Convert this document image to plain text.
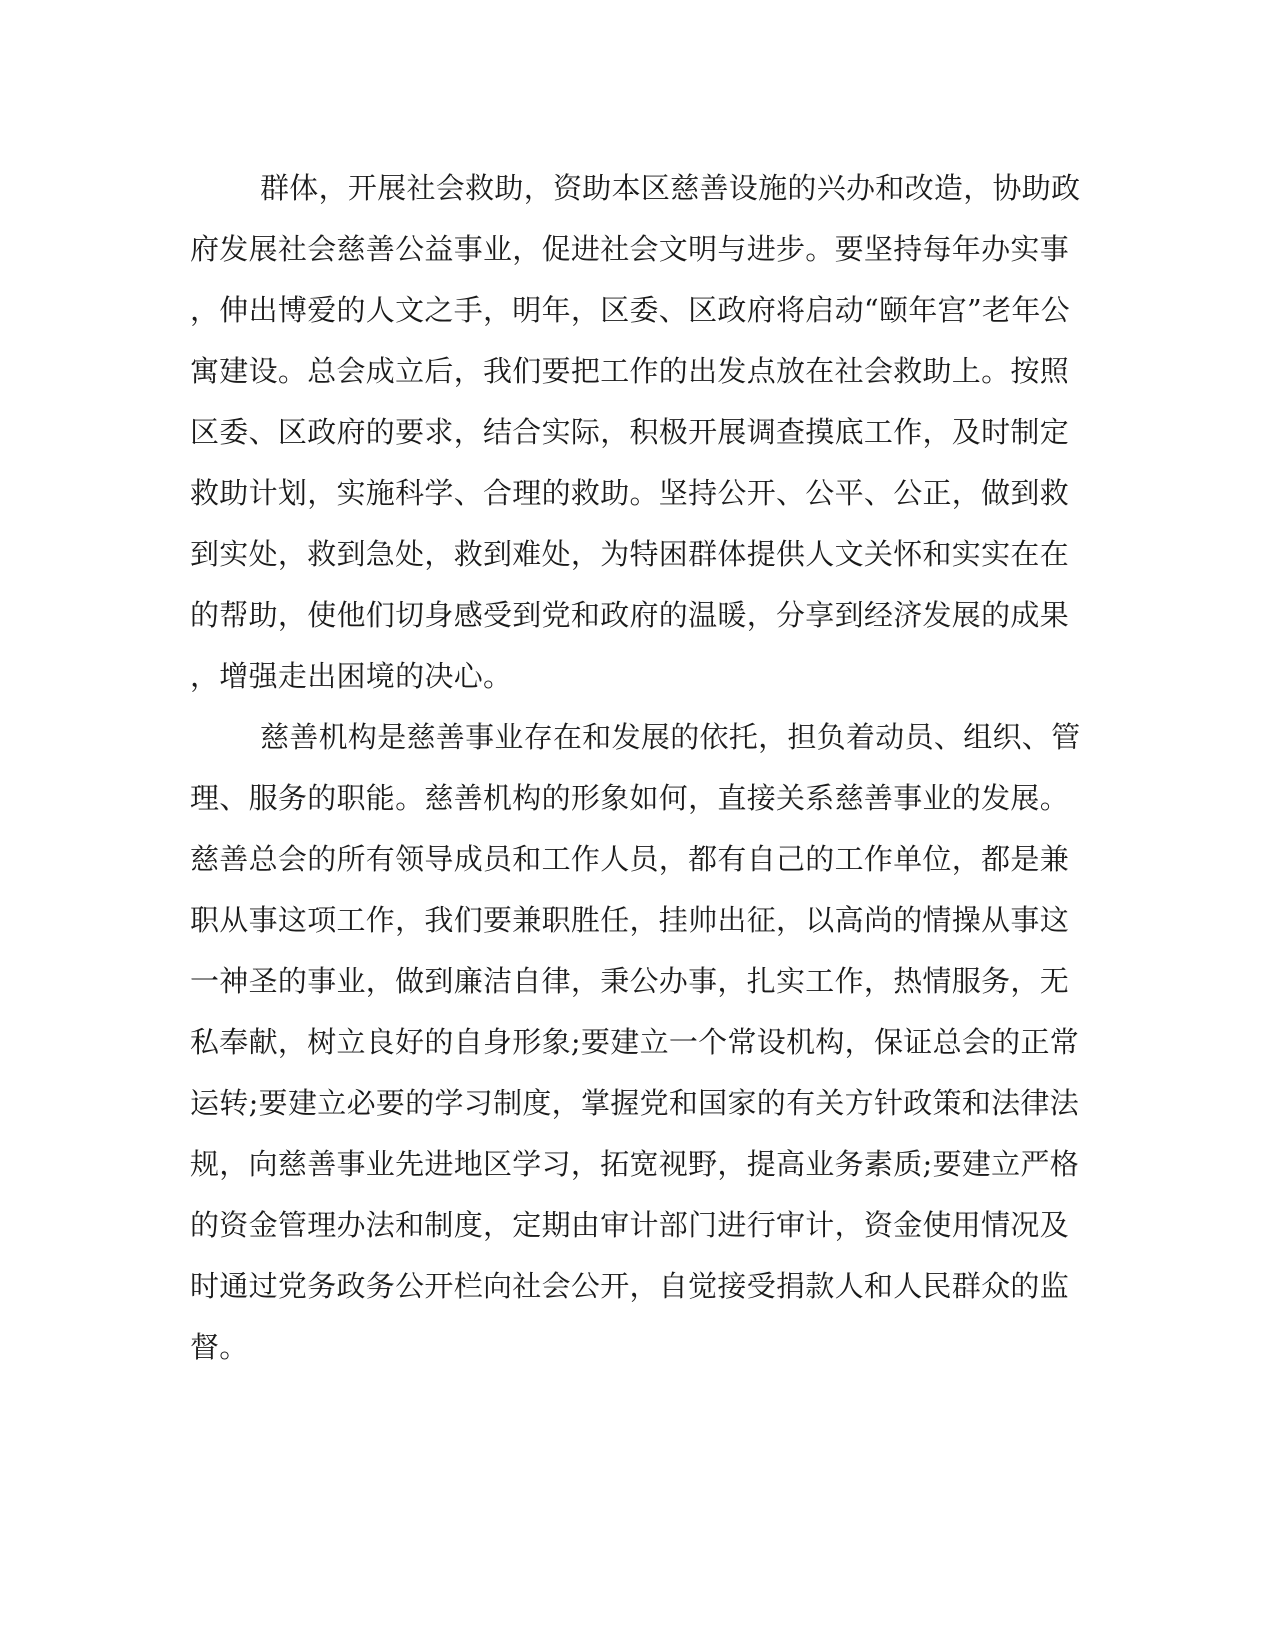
群体，开展社会救助，资助本区慈善设施的兴办和改造，协助政
府发展社会慈善公益事业，促进社会文明与进步。要坚持每年办实事
，伸出博爱的人文之手，明年，区委、区政府将启动“颐年宫”老年公
寓建设。总会成立后，我们要把工作的出发点放在社会救助上。按照
区委、区政府的要求，结合实际，积极开展调查摸底工作，及时制定
救助计划，实施科学、合理的救助。坚持公开、公平、公正，做到救
到实处，救到急处，救到难处，为特困群体提供人文关怀和实实在在
的帮助，使他们切身感受到党和政府的温暖，分享到经济发展的成果
，增强走出困境的决心。
慈善机构是慈善事业存在和发展的依托，担负着动员、组织、管
理、服务的职能。慈善机构的形象如何，直接关系慈善事业的发展。
慈善总会的所有领导成员和工作人员，都有自己的工作单位，都是兼
职从事这项工作，我们要兼职胜任，挂帅出征，以高尚的情操从事这
一神圣的事业，做到廉洁自律，秉公办事，扎实工作，热情服务，无
私奉献，树立良好的自身形象;要建立一个常设机构，保证总会的正常
运转;要建立必要的学习制度，掌握党和国家的有关方针政策和法律法
规，向慈善事业先进地区学习，拓宽视野，提高业务素质;要建立严格
的资金管理办法和制度，定期由审计部门进行审计，资金使用情况及
时通过党务政务公开栏向社会公开，自觉接受捐款人和人民群众的监
督。
